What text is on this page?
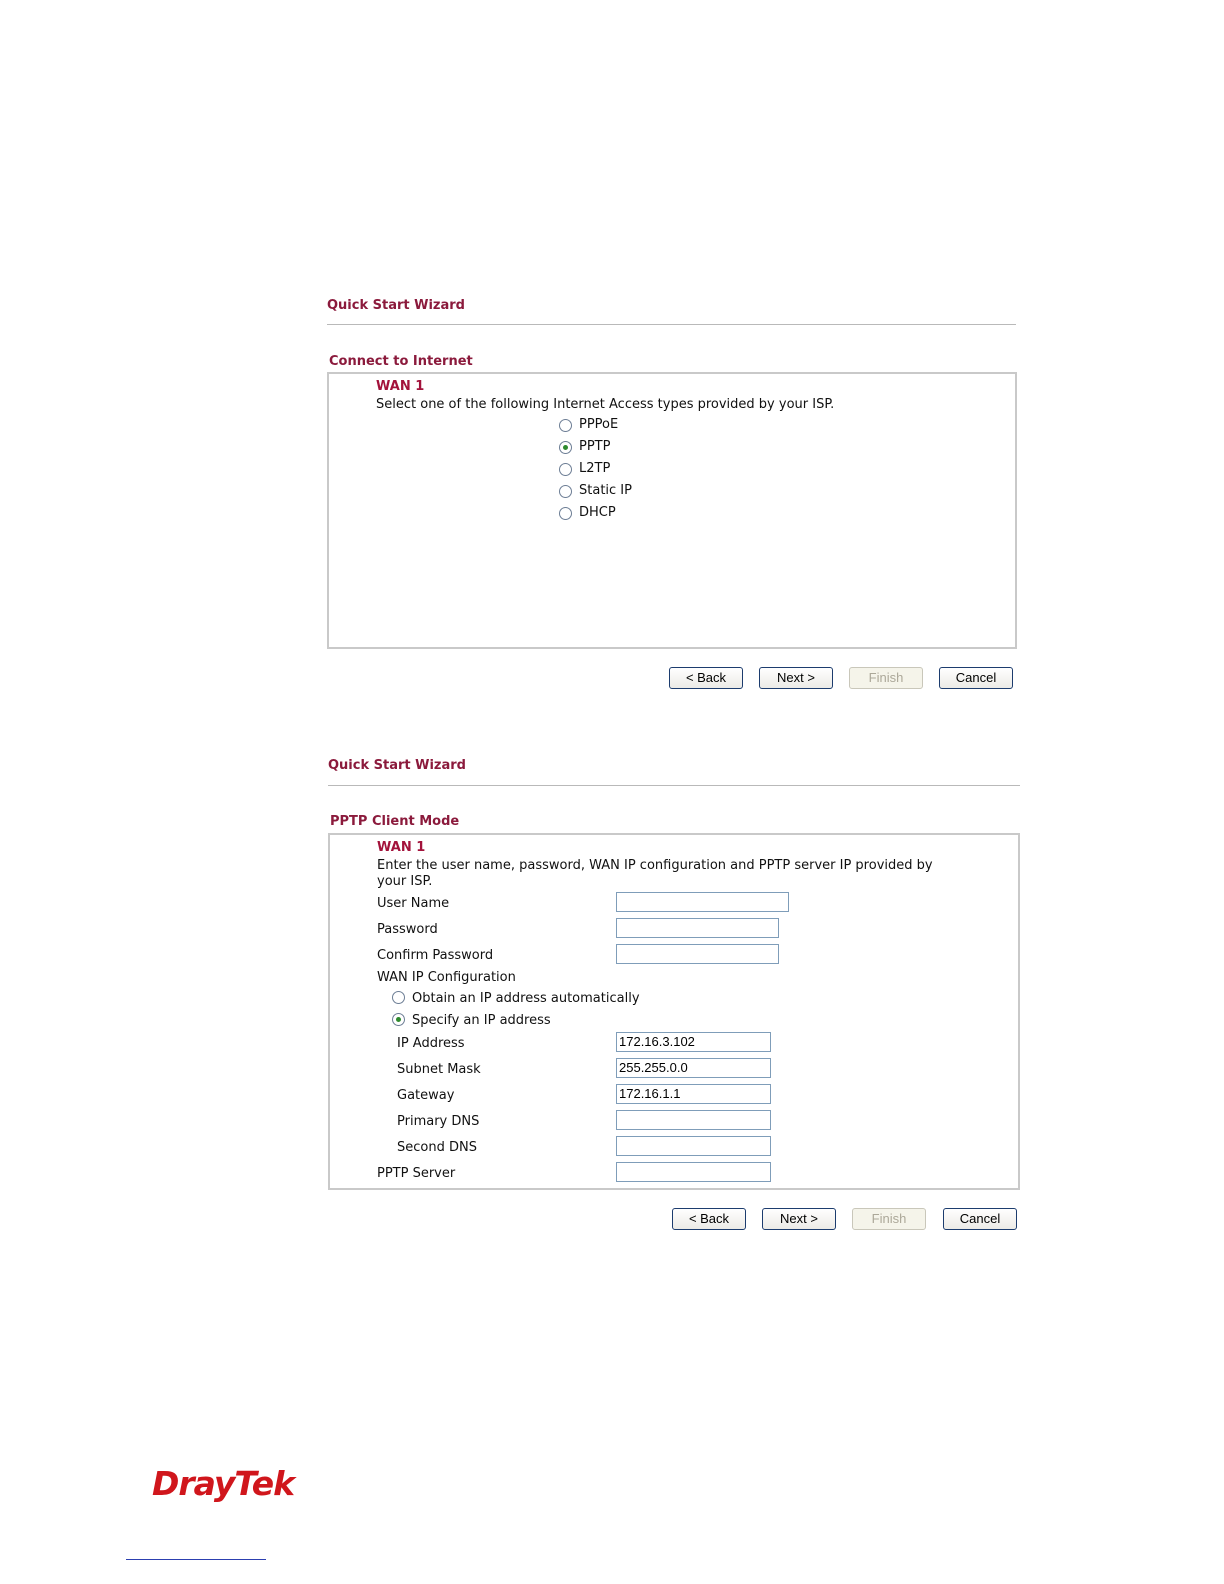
Quick Start Wizard
Connect to Internet
WAN 1
Select one of the following Internet Access types provided by your ISP.
PPPoE
PPTP
L2TP
Static IP
DHCP
< Back	Next >	Finish	Cancel
Quick Start Wizard
PPTP Client Mode
WAN 1
Enter the user name, password, WAN IP configuration and PPTP server IP provided by
your ISP.
User Name
Password
Confirm Password
WAN IP Configuration
Obtain an IP address automatically
Specify an IP address
IP Address	172.16.3.102
Subnet Mask	255.255.0.0
Gateway	172.16.1.1
Primary DNS
Second DNS
PPTP Server
< Back	Next >	Finish	Cancel
DrayTek
